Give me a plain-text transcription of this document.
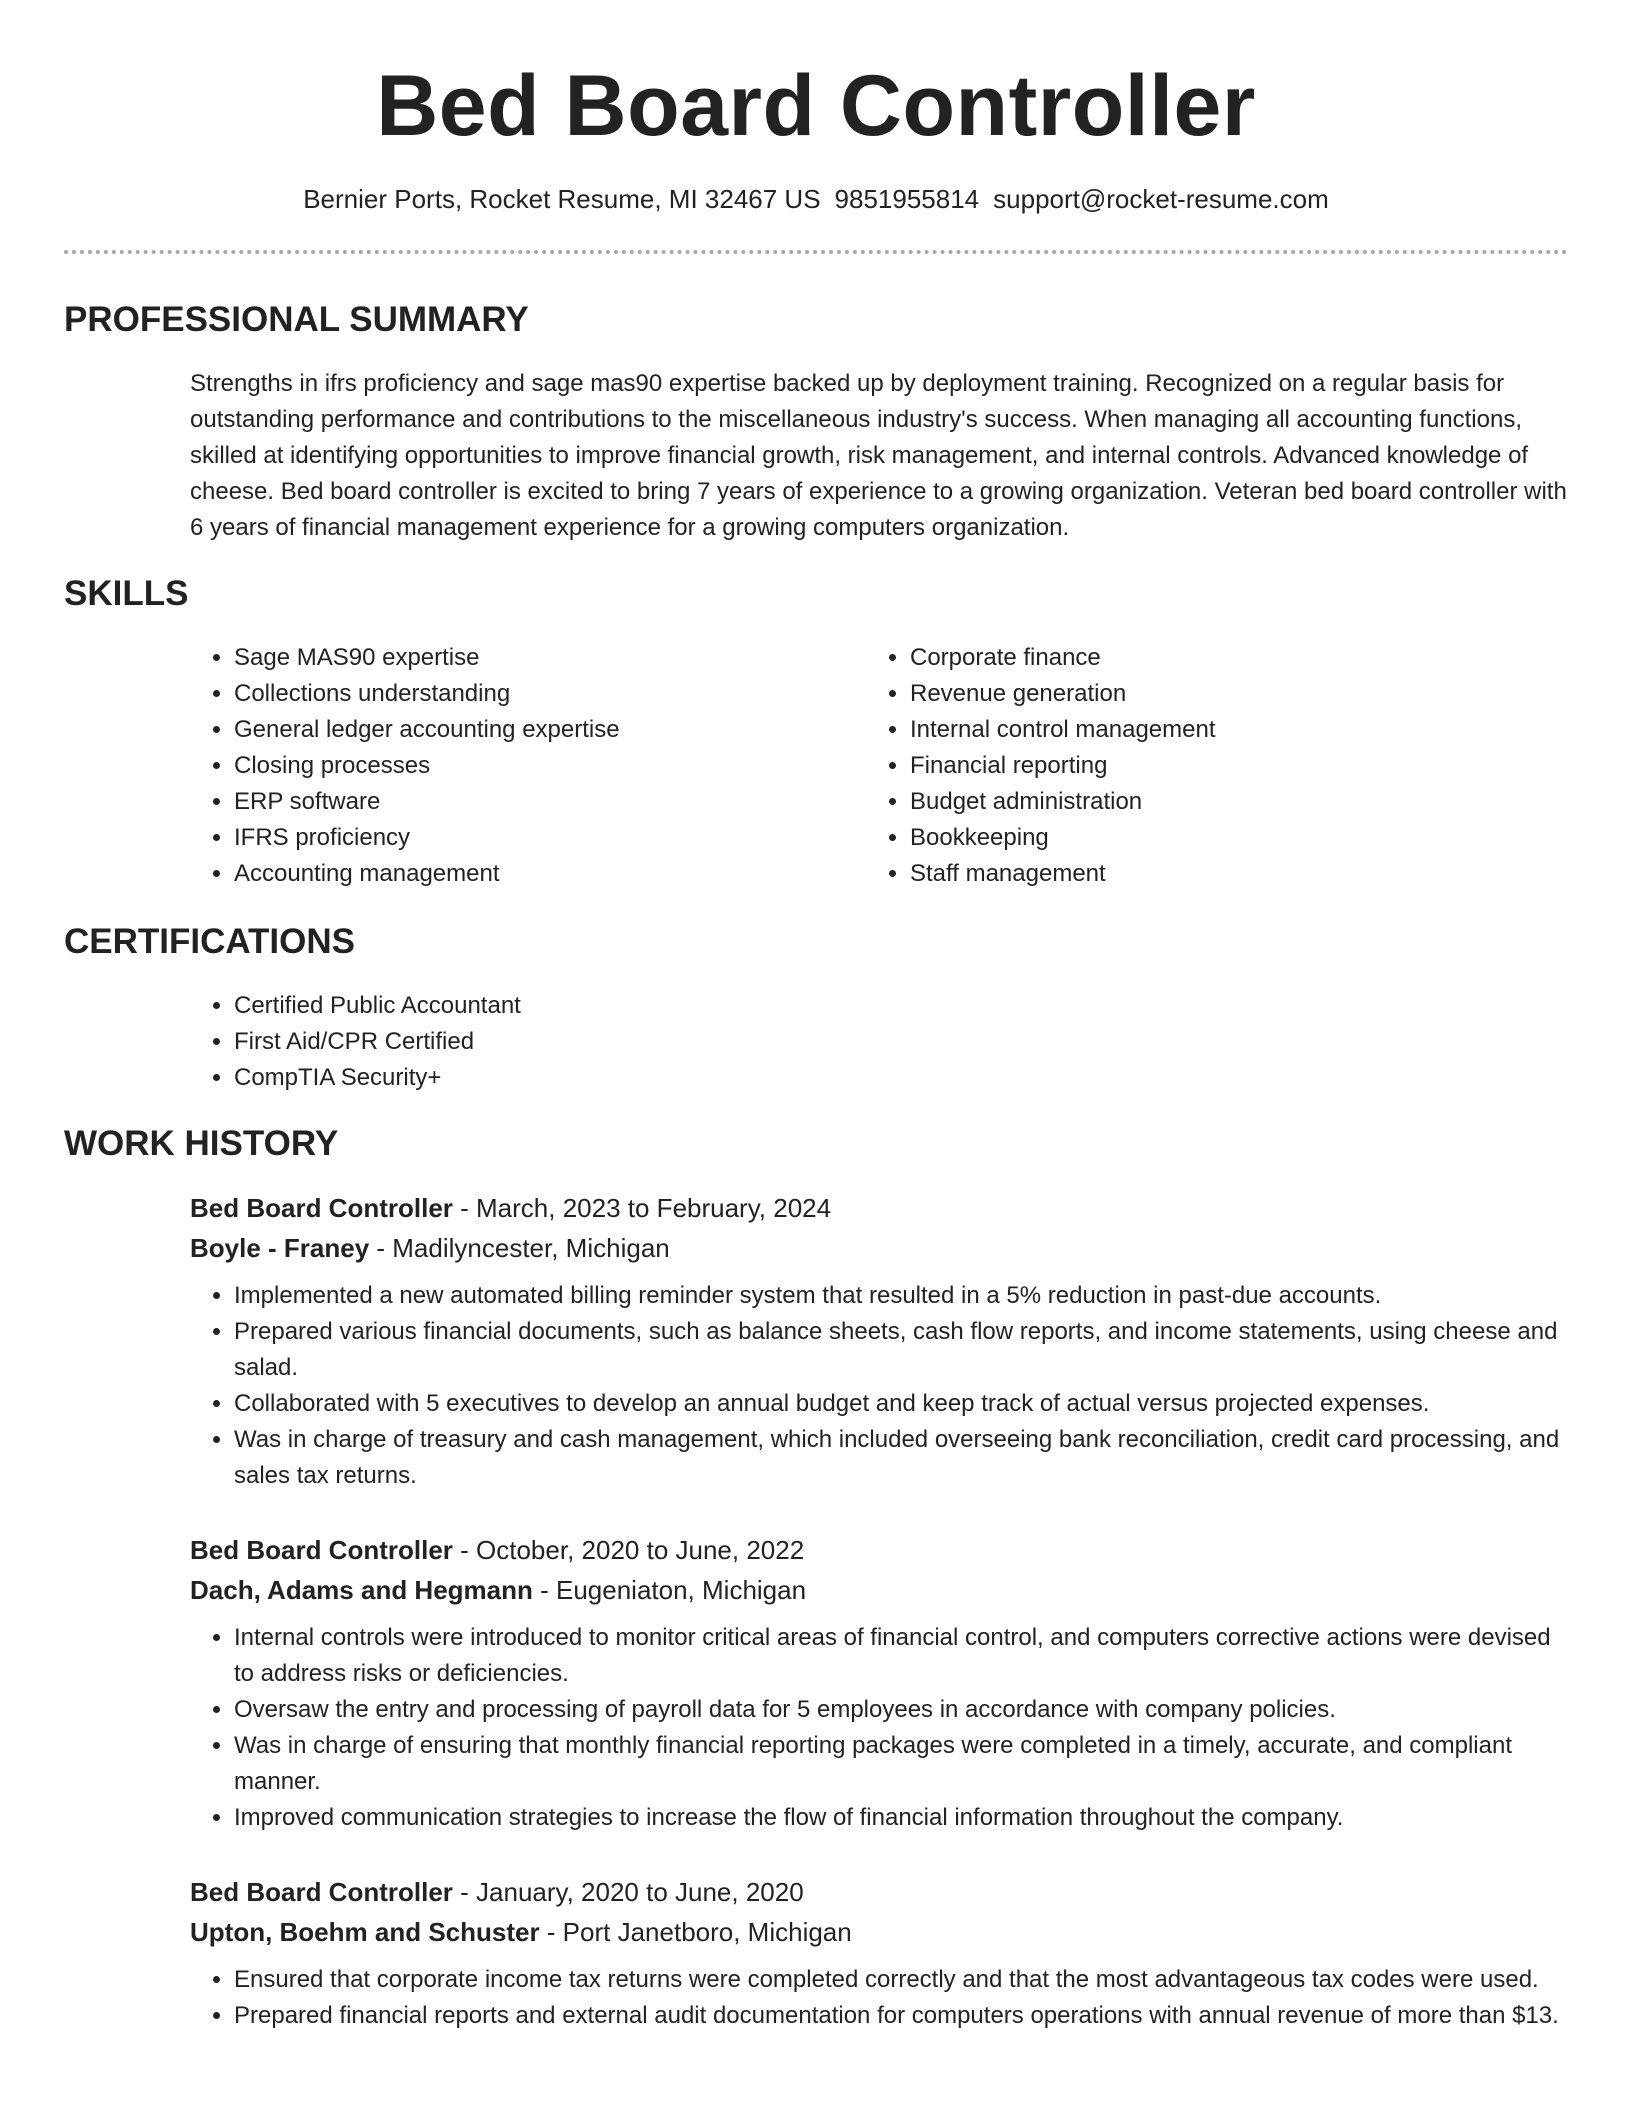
Bed Board Controller
Bernier Ports, Rocket Resume, MI 32467 US 9851955814 support@rocket-resume.com
PROFESSIONAL SUMMARY

Strengths in ifrs proficiency and sage mas90 expertise backed up by deployment training. Recognized on a regular basis for outstanding performance and contributions to the miscellaneous industry's success. When managing all accounting functions, skilled at identifying opportunities to improve financial growth, risk management, and internal controls. Advanced knowledge of cheese. Bed board controller is excited to bring 7 years of experience to a growing organization. Veteran bed board controller with 6 years of financial management experience for a growing computers organization.

SKILLS
• Sage MAS90 expertise
• Collections understanding
• General ledger accounting expertise
• Closing processes
• ERP software
• IFRS proficiency
• Accounting management
• Corporate finance
• Revenue generation
• Internal control management
• Financial reporting
• Budget administration
• Bookkeeping
• Staff management
CERTIFICATIONS
• Certified Public Accountant
• First Aid/CPR Certified
• CompTIA Security+
WORK HISTORY

Bed Board Controller - March, 2023 to February, 2024

Boyle - Franey - Madilyncester, Michigan

• Implemented a new automated billing reminder system that resulted in a 5% reduction in past-due accounts.
• Prepared various financial documents, such as balance sheets, cash flow reports, and income statements, using cheese and salad.
• Collaborated with 5 executives to develop an annual budget and keep track of actual versus projected expenses.
• Was in charge of treasury and cash management, which included overseeing bank reconciliation, credit card processing, and sales tax returns.

Bed Board Controller - October, 2020 to June, 2022

Dach, Adams and Hegmann - Eugeniaton, Michigan

• Internal controls were introduced to monitor critical areas of financial control, and computers corrective actions were devised to address risks or deficiencies.
• Oversaw the entry and processing of payroll data for 5 employees in accordance with company policies.
• Was in charge of ensuring that monthly financial reporting packages were completed in a timely, accurate, and compliant manner.
• Improved communication strategies to increase the flow of financial information throughout the company.

Bed Board Controller - January, 2020 to June, 2020

Upton, Boehm and Schuster - Port Janetboro, Michigan

• Ensured that corporate income tax returns were completed correctly and that the most advantageous tax codes were used.
• Prepared financial reports and external audit documentation for computers operations with annual revenue of more than $13.
